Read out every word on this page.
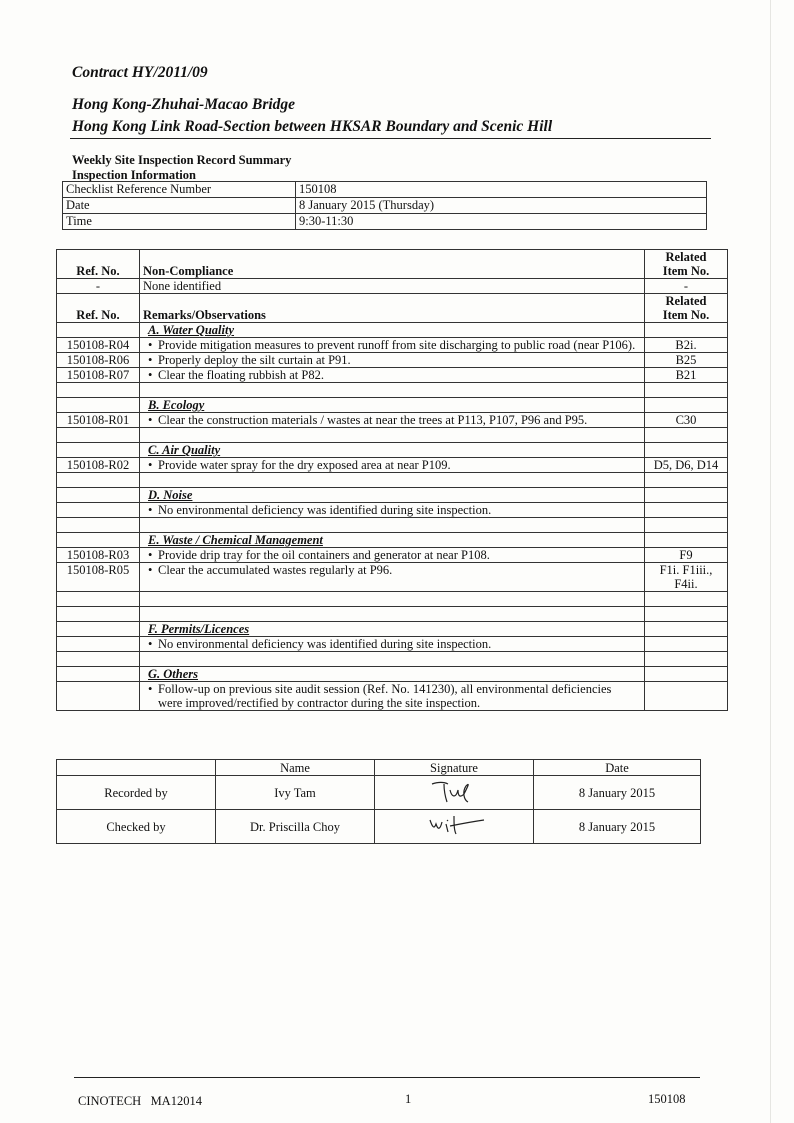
Contract HY/2011/09
Hong Kong-Zhuhai-Macao Bridge
Hong Kong Link Road-Section between HKSAR Boundary and Scenic Hill
Weekly Site Inspection Record Summary
Inspection Information
Checklist Reference Number	150108
Date	8 January 2015 (Thursday)
Time	9:30-11:30
Ref. No.	Non-Compliance	Related
Item No.
-	None identified	-
Ref. No.	Remarks/Observations	Related
Item No.
	A. Water Quality	
150108-R04	• Provide mitigation measures to prevent runoff from site discharging to public road (near P106).	B2i.
150108-R06	• Properly deploy the silt curtain at P91.	B25
150108-R07	• Clear the floating rubbish at P82.	B21

	B. Ecology	
150108-R01	• Clear the construction materials / wastes at near the trees at P113, P107, P96 and P95.	C30

	C. Air Quality	
150108-R02	• Provide water spray for the dry exposed area at near P109.	D5, D6, D14

	D. Noise	
	• No environmental deficiency was identified during site inspection.	

	E. Waste / Chemical Management	
150108-R03	• Provide drip tray for the oil containers and generator at near P108.	F9
150108-R05	• Clear the accumulated wastes regularly at P96.	F1i. F1iii.,
F4ii.

	F. Permits/Licences	
	• No environmental deficiency was identified during site inspection.	

	G. Others	
	• Follow-up on previous site audit session (Ref. No. 141230), all environmental deficiencies were improved/rectified by contractor during the site inspection.	
	Name	Signature	Date
Recorded by	Ivy Tam		8 January 2015
Checked by	Dr. Priscilla Choy		8 January 2015
CINOTECH   MA12014	1	150108
